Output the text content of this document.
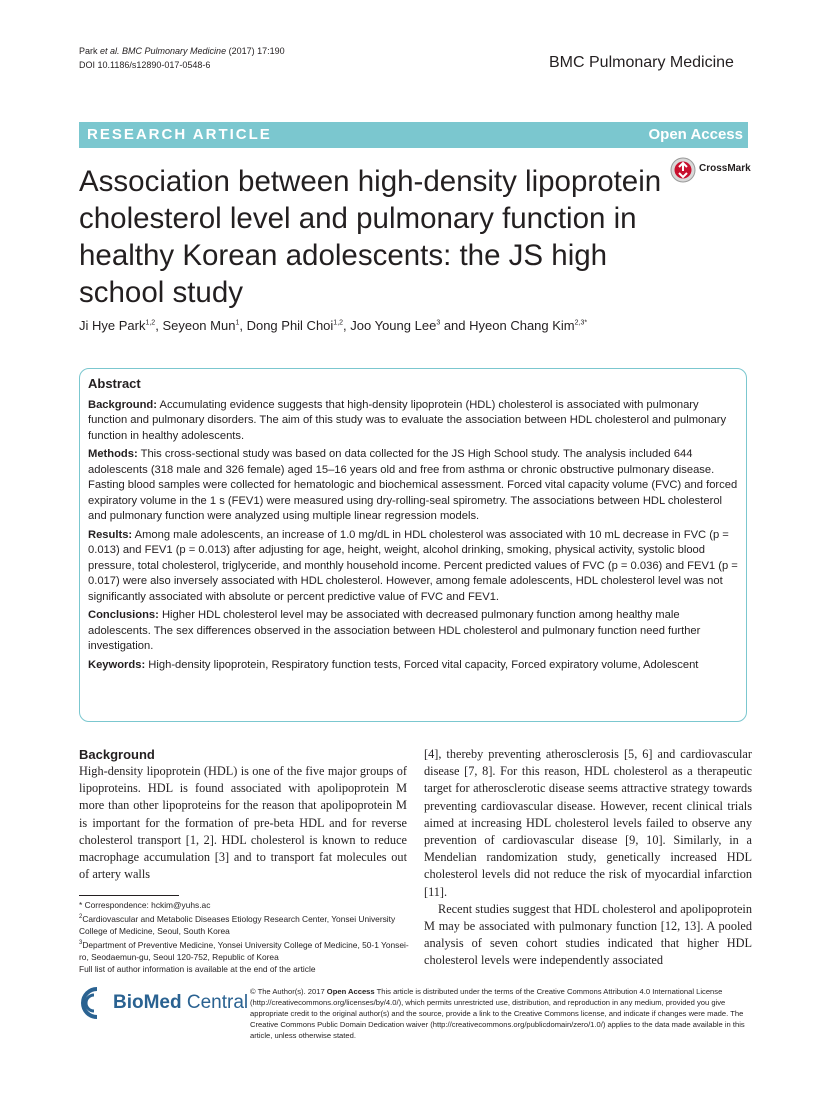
Park et al. BMC Pulmonary Medicine (2017) 17:190
DOI 10.1186/s12890-017-0548-6	BMC Pulmonary Medicine
RESEARCH ARTICLE	Open Access
CrossMark
Association between high-density lipoprotein cholesterol level and pulmonary function in healthy Korean adolescents: the JS high school study
Ji Hye Park$^{1,2}$, Seyeon Mun$^1$, Dong Phil Choi$^{1,2}$, Joo Young Lee$^3$ and Hyeon Chang Kim$^{2,3*}$

Abstract

Background: Accumulating evidence suggests that high-density lipoprotein (HDL) cholesterol is associated with pulmonary function and pulmonary disorders. The aim of this study was to evaluate the association between HDL cholesterol and pulmonary function in healthy adolescents.

Methods: This cross-sectional study was based on data collected for the JS High School study. The analysis included 644 adolescents (318 male and 326 female) aged 15–16 years old and free from asthma or chronic obstructive pulmonary disease. Fasting blood samples were collected for hematologic and biochemical assessment. Forced vital capacity volume (FVC) and forced expiratory volume in the 1 s (FEV1) were measured using dry-rolling-seal spirometry. The associations between HDL cholesterol and pulmonary function were analyzed using multiple linear regression models.

Results: Among male adolescents, an increase of 1.0 mg/dL in HDL cholesterol was associated with 10 mL decrease in FVC (p = 0.013) and FEV1 (p = 0.013) after adjusting for age, height, weight, alcohol drinking, smoking, physical activity, systolic blood pressure, total cholesterol, triglyceride, and monthly household income. Percent predicted values of FVC (p = 0.036) and FEV1 (p = 0.017) were also inversely associated with HDL cholesterol. However, among female adolescents, HDL cholesterol level was not significantly associated with absolute or percent predictive value of FVC and FEV1.

Conclusions: Higher HDL cholesterol level may be associated with decreased pulmonary function among healthy male adolescents. The sex differences observed in the association between HDL cholesterol and pulmonary function need further investigation.

Keywords: High-density lipoprotein, Respiratory function tests, Forced vital capacity, Forced expiratory volume, Adolescent

Background

High-density lipoprotein (HDL) is one of the five major groups of lipoproteins. HDL is found associated with apolipoprotein M more than other lipoproteins for the reason that apolipoprotein M is important for the formation of pre-beta HDL and for reverse cholesterol transport [1, 2]. HDL cholesterol is known to reduce macrophage accumulation [3] and to transport fat molecules out of artery walls

[4], thereby preventing atherosclerosis [5, 6] and cardiovascular disease [7, 8]. For this reason, HDL cholesterol as a therapeutic target for atherosclerotic disease seems attractive strategy towards preventing cardiovascular disease. However, recent clinical trials aimed at increasing HDL cholesterol levels failed to observe any prevention of cardiovascular disease [9, 10]. Similarly, in a Mendelian randomization study, genetically increased HDL cholesterol levels did not reduce the risk of myocardial infarction [11].

Recent studies suggest that HDL cholesterol and apolipoprotein M may be associated with pulmonary function [12, 13]. A pooled analysis of seven cohort studies indicated that higher HDL cholesterol levels were independently associated

* Correspondence: hckim@yuhs.ac

$^2$Cardiovascular and Metabolic Diseases Etiology Research Center, Yonsei University College of Medicine, Seoul, South Korea

$^3$Department of Preventive Medicine, Yonsei University College of Medicine, 50-1 Yonsei-ro, Seodaemun-gu, Seoul 120-752, Republic of Korea

Full list of author information is available at the end of the article

BioMed Central
© The Author(s). 2017 Open Access This article is distributed under the terms of the Creative Commons Attribution 4.0 International License (http://creativecommons.org/licenses/by/4.0/), which permits unrestricted use, distribution, and reproduction in any medium, provided you give appropriate credit to the original author(s) and the source, provide a link to the Creative Commons license, and indicate if changes were made. The Creative Commons Public Domain Dedication waiver (http://creativecommons.org/publicdomain/zero/1.0/) applies to the data made available in this article, unless otherwise stated.
